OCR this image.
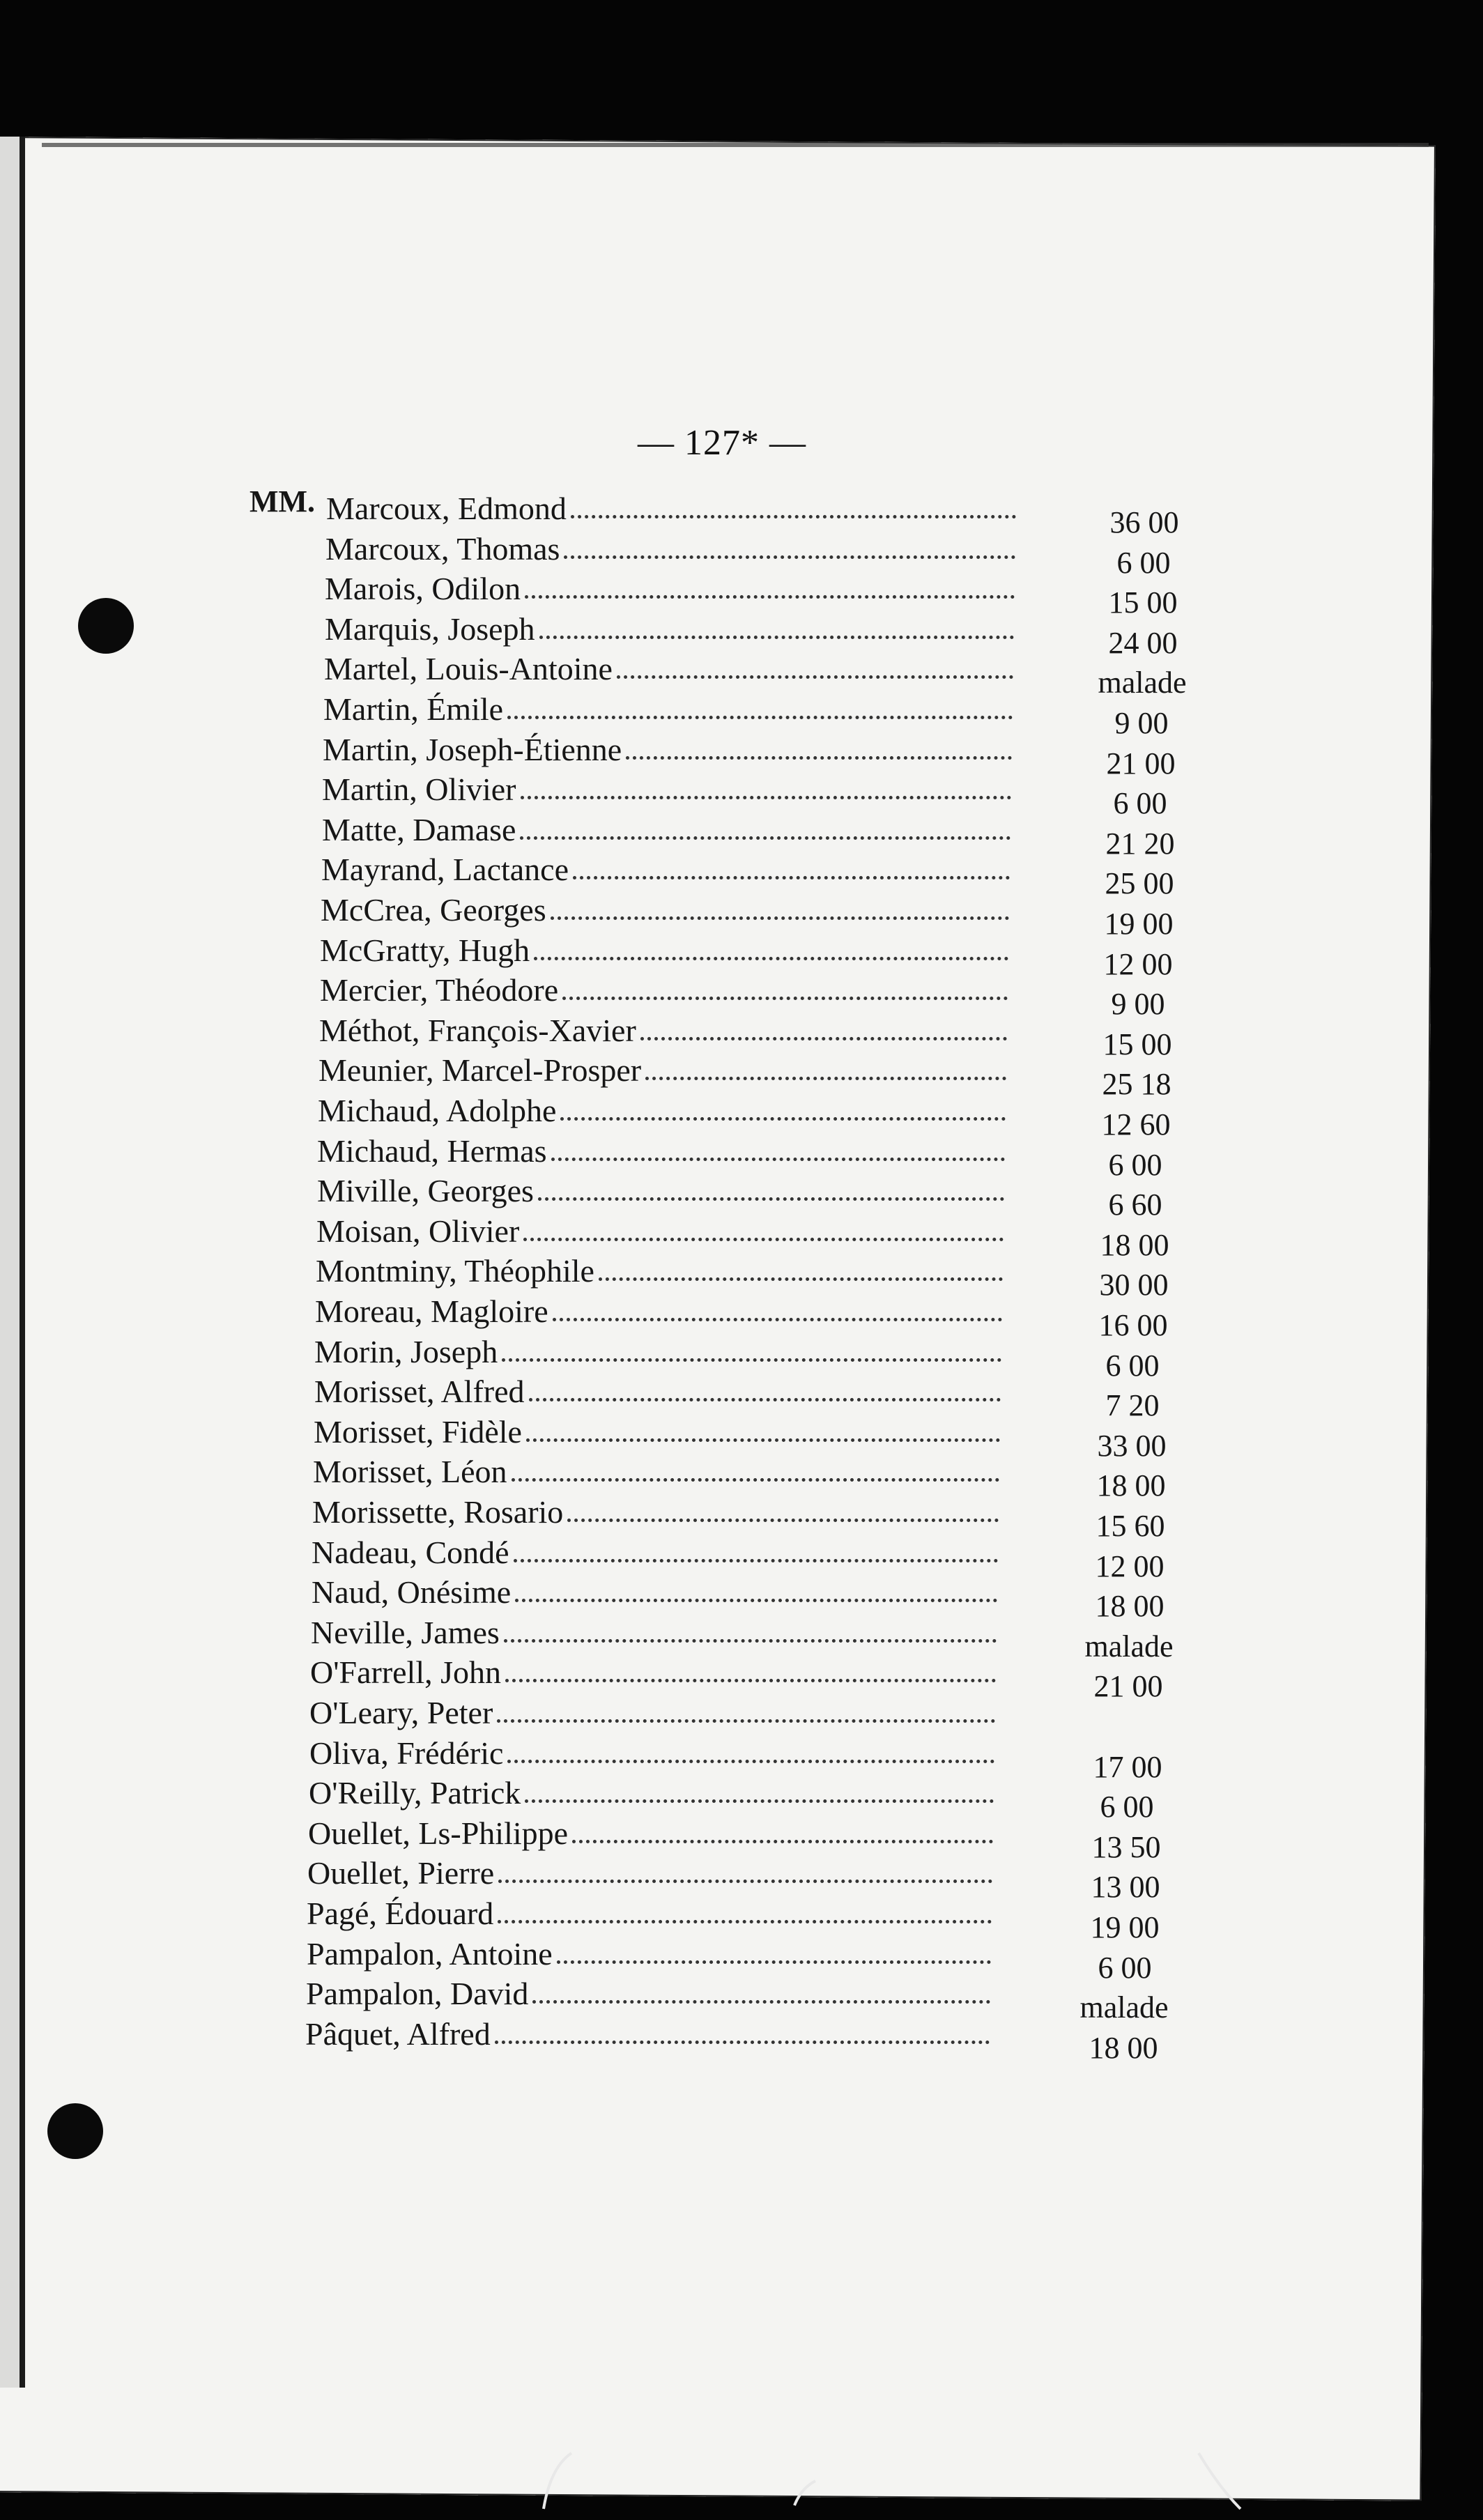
— 127* —
MM. Marcoux, Edmond	36 00
Marcoux, Thomas	6 00
Marois, Odilon	15 00
Marquis, Joseph	24 00
Martel, Louis-Antoine	malade
Martin, Émile	9 00
Martin, Joseph-Étienne	21 00
Martin, Olivier	6 00
Matte, Damase	21 20
Mayrand, Lactance	25 00
McCrea, Georges	19 00
McGratty, Hugh	12 00
Mercier, Théodore	9 00
Méthot, François-Xavier	15 00
Meunier, Marcel-Prosper	25 18
Michaud, Adolphe	12 60
Michaud, Hermas	6 00
Miville, Georges	6 60
Moisan, Olivier	18 00
Montminy, Théophile	30 00
Moreau, Magloire	16 00
Morin, Joseph	6 00
Morisset, Alfred	7 20
Morisset, Fidèle	33 00
Morisset, Léon	18 00
Morissette, Rosario	15 60
Nadeau, Condé	12 00
Naud, Onésime	18 00
Neville, James	malade
O'Farrell, John	21 00
O'Leary, Peter
Oliva, Frédéric	17 00
O'Reilly, Patrick	6 00
Ouellet, Ls-Philippe	13 50
Ouellet, Pierre	13 00
Pagé, Édouard	19 00
Pampalon, Antoine	6 00
Pampalon, David	malade
Pâquet, Alfred	18 00
